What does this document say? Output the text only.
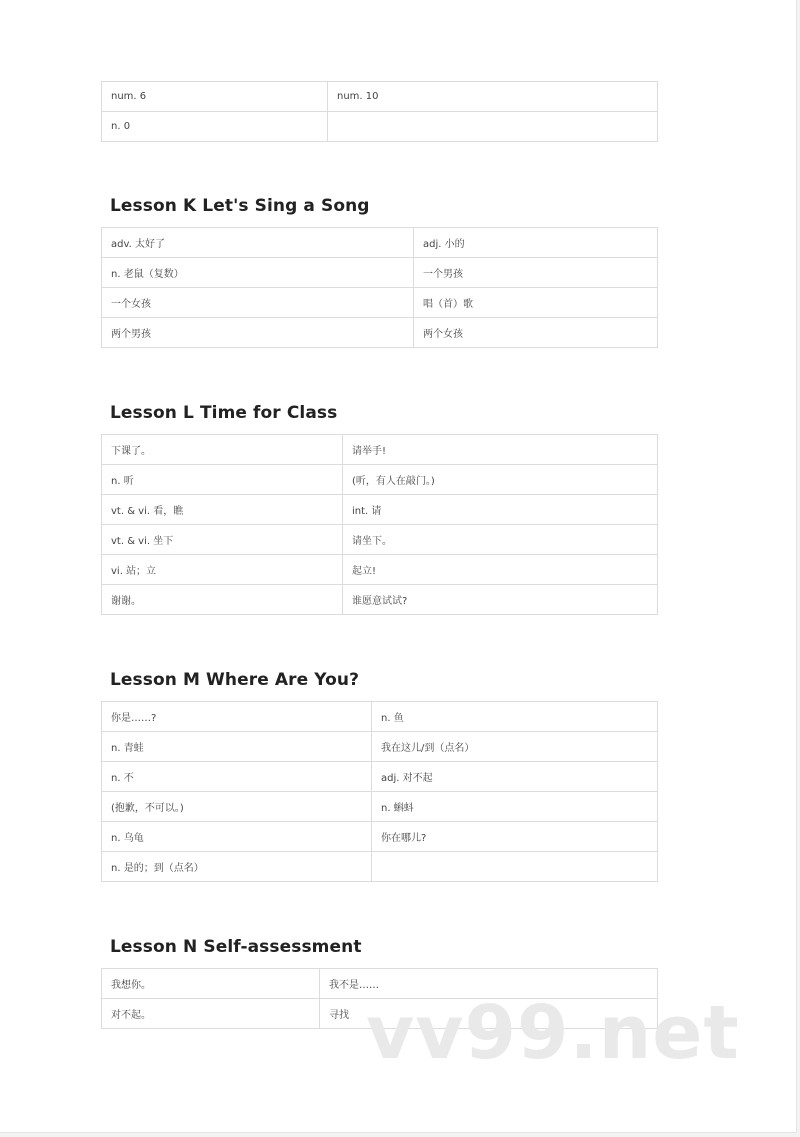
num. 6	num. 10
n. 0	
Lesson K Let's Sing a Song
adv. 太好了	adj. 小的
n. 老鼠（复数）	一个男孩
一个女孩	唱（首）歌
两个男孩	两个女孩
Lesson L Time for Class
下课了。	请举手!
n. 听	(听，有人在敲门。)
vt. & vi. 看，瞧	int. 请
vt. & vi. 坐下	请坐下。
vi. 站；立	起立!
谢谢。	谁愿意试试?
Lesson M Where Are You?
你是……?	n. 鱼
n. 青蛙	我在这儿/到（点名）
n. 不	adj. 对不起
(抱歉，不可以。)	n. 蝌蚪
n. 乌龟	你在哪儿?
n. 是的；到（点名）	
Lesson N Self-assessment
我想你。	我不是……
对不起。	寻找 vv99.net
